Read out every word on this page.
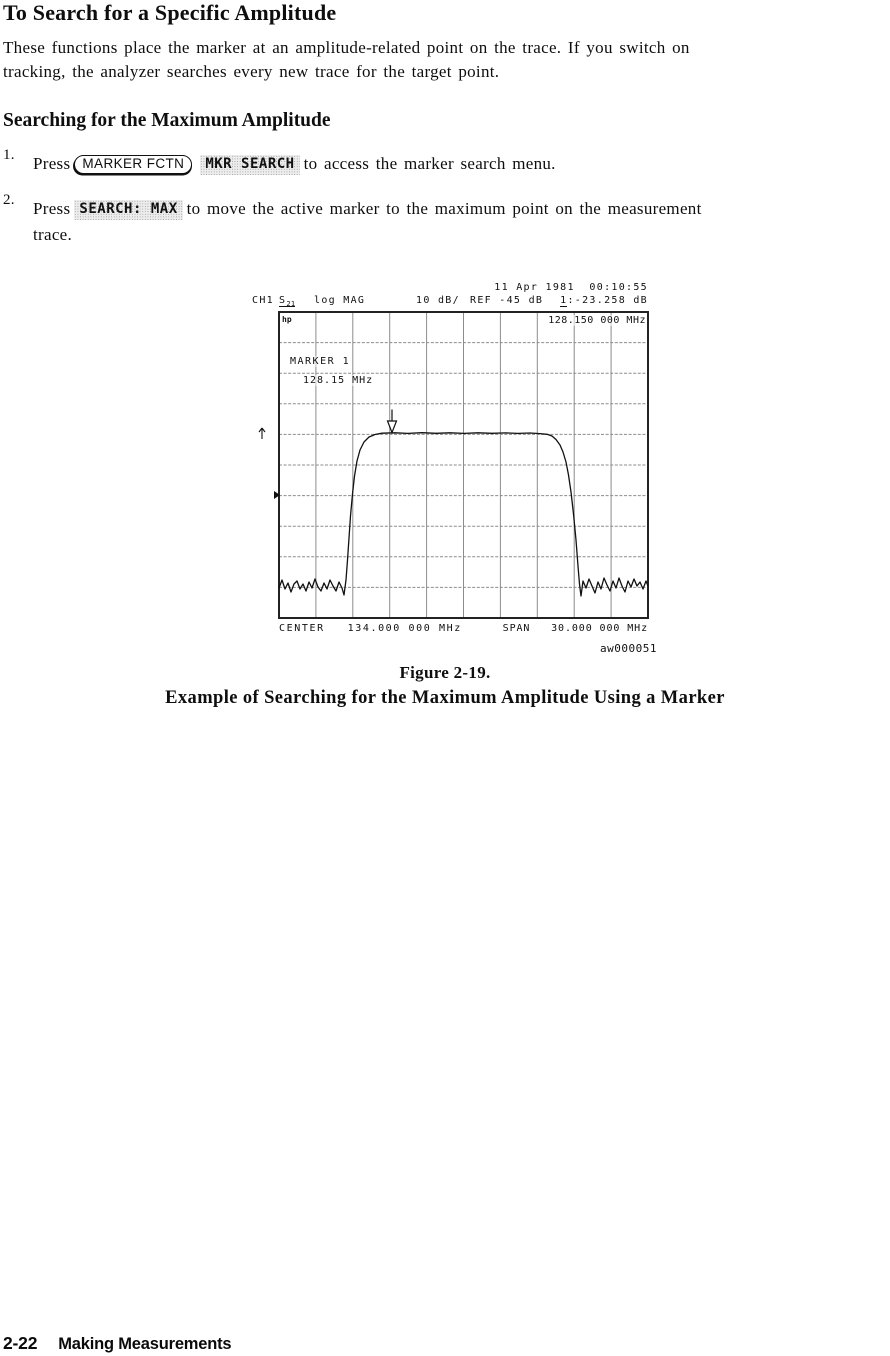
To Search for a Specific Amplitude

These functions place the marker at an amplitude-related point on the trace. If you switch on
tracking, the analyzer searches every new trace for the target point.

Searching for the Maximum Amplitude
1. Press MARKER FCTN MKR SEARCH to access the marker search menu.
2. Press SEARCH: MAX to move the active marker to the maximum point on the measurement
trace.
11 Apr 1981  00:10:55
CH1 $S_{21}$ log MAG	10 dB/ REF -45 dB 1:-23.258 dB
hp	128.150 000 MHz
MARKER 1
128.15 MHz
CENTER   134.000 000 MHz	SPAN   30.000 000 MHz
aw000051
Figure 2-19.
Example of Searching for the Maximum Amplitude Using a Marker
2-22 Making Measurements
